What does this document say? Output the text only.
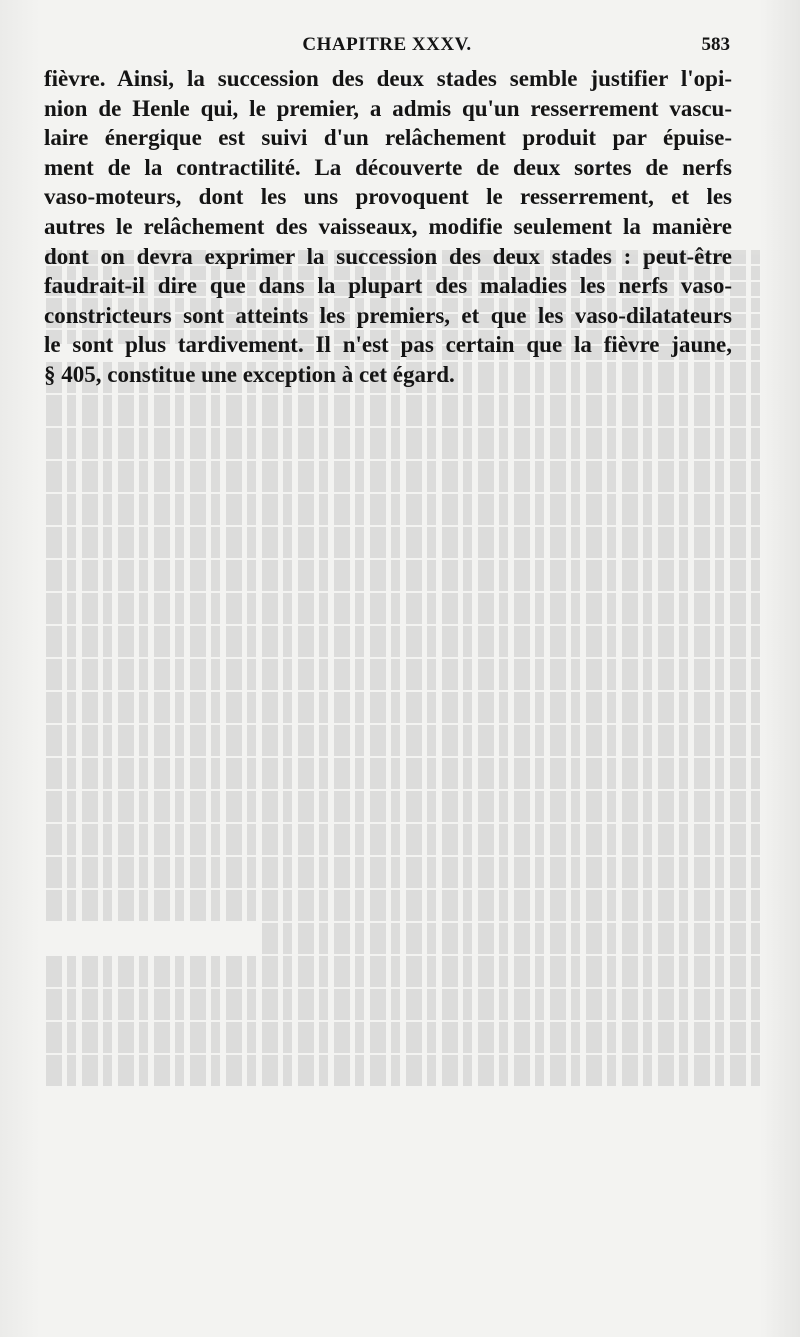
CHAPITRE XXXV.	583
fièvre. Ainsi, la succession des deux stades semble justifier l'opi-
nion de Henle qui, le premier, a admis qu'un resserrement vascu-
laire énergique est suivi d'un relâchement produit par épuise-
ment de la contractilité. La découverte de deux sortes de nerfs
vaso-moteurs, dont les uns provoquent le resserrement, et les
autres le relâchement des vaisseaux, modifie seulement la manière
dont on devra exprimer la succession des deux stades : peut-être
faudrait-il dire que dans la plupart des maladies les nerfs vaso-
constricteurs sont atteints les premiers, et que les vaso-dilatateurs
le sont plus tardivement. Il n'est pas certain que la fièvre jaune,
§ 405, constitue une exception à cet égard.
